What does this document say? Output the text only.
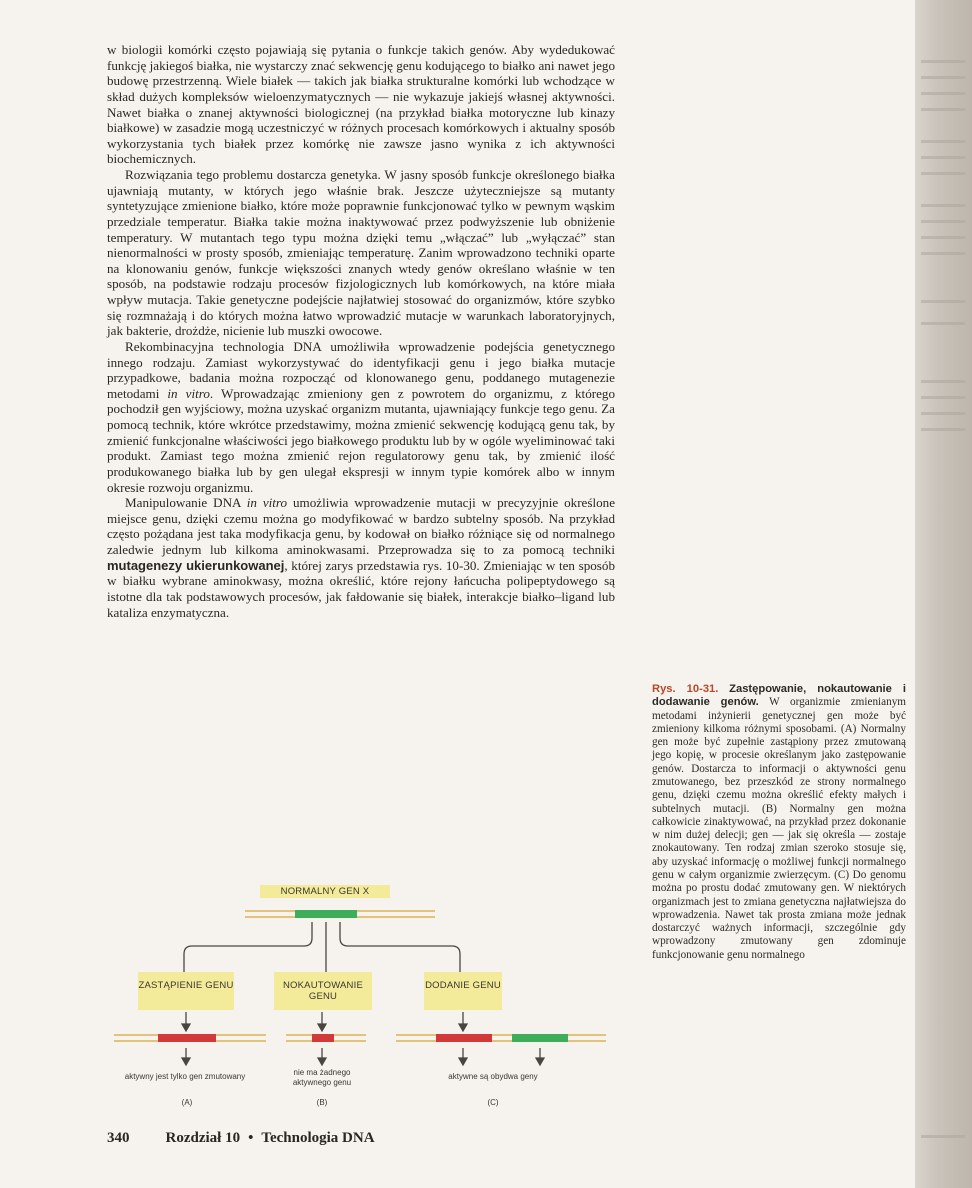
w biologii komórki często pojawiają się pytania o funkcje takich genów. Aby wydedukować funkcję jakiegoś białka, nie wystarczy znać sekwencję genu kodującego to białko ani nawet jego budowę przestrzenną. Wiele białek — takich jak białka strukturalne komórki lub wchodzące w skład dużych kompleksów wieloenzymatycznych — nie wykazuje jakiejś własnej aktywności. Nawet białka o znanej aktywności biologicznej (na przykład białka motoryczne lub kinazy białkowe) w zasadzie mogą uczestniczyć w różnych procesach komórkowych i aktualny sposób wykorzystania tych białek przez komórkę nie zawsze jasno wynika z ich aktywności biochemicznych.

Rozwiązania tego problemu dostarcza genetyka. W jasny sposób funkcje określonego białka ujawniają mutanty, w których jego właśnie brak. Jeszcze użyteczniejsze są mutanty syntetyzujące zmienione białko, które może poprawnie funkcjonować tylko w pewnym wąskim przedziale temperatur. Białka takie można inaktywować przez podwyższenie lub obniżenie temperatury. W mutantach tego typu można dzięki temu „włączać” lub „wyłączać” stan nienormalności w prosty sposób, zmieniając temperaturę. Zanim wprowadzono techniki oparte na klonowaniu genów, funkcje większości znanych wtedy genów określano właśnie w ten sposób, na podstawie rodzaju procesów fizjologicznych lub komórkowych, na które miała wpływ mutacja. Takie genetyczne podejście najłatwiej stosować do organizmów, które szybko się rozmnażają i do których można łatwo wprowadzić mutacje w warunkach laboratoryjnych, jak bakterie, drożdże, nicienie lub muszki owocowe.

Rekombinacyjna technologia DNA umożliwiła wprowadzenie podejścia genetycznego innego rodzaju. Zamiast wykorzystywać do identyfikacji genu i jego białka mutacje przypadkowe, badania można rozpocząć od klonowanego genu, poddanego mutagenezie metodami in vitro. Wprowadzając zmieniony gen z powrotem do organizmu, z którego pochodził gen wyjściowy, można uzyskać organizm mutanta, ujawniający funkcje tego genu. Za pomocą technik, które wkrótce przedstawimy, można zmienić sekwencję kodującą genu tak, by zmienić funkcjonalne właściwości jego białkowego produktu lub by w ogóle wyeliminować taki produkt. Zamiast tego można zmienić rejon regulatorowy genu tak, by zmienić ilość produkowanego białka lub by gen ulegał ekspresji w innym typie komórek albo w innym okresie rozwoju organizmu.

Manipulowanie DNA in vitro umożliwia wprowadzenie mutacji w precyzyjnie określone miejsce genu, dzięki czemu można go modyfikować w bardzo subtelny sposób. Na przykład często pożądana jest taka modyfikacja genu, by kodował on białko różniące się od normalnego zaledwie jednym lub kilkoma aminokwasami. Przeprowadza się to za pomocą techniki mutagenezy ukierunkowanej, której zarys przedstawia rys. 10-30. Zmieniając w ten sposób w białku wybrane aminokwasy, można określić, które rejony łańcucha polipeptydowego są istotne dla tak podstawowych procesów, jak fałdowanie się białek, interakcje białko–ligand lub kataliza enzymatyczna.

NORMALNY GEN X
ZASTĄPIENIE GENU	NOKAUTOWANIE GENU
DODANIE GENU
aktywny jest tylko gen zmutowany	nie ma żadnego aktywnego genu
aktywne są obydwa geny
(A)	(B)	(C)
Rys. 10-31. Zastępowanie, nokautowanie i dodawanie genów. W organizmie zmienianym metodami inżynierii genetycznej gen może być zmieniony kilkoma różnymi sposobami. (A) Normalny gen może być zupełnie zastąpiony przez zmutowaną jego kopię, w procesie określanym jako zastępowanie genów. Dostarcza to informacji o aktywności genu zmutowanego, bez przeszkód ze strony normalnego genu, dzięki czemu można określić efekty małych i subtelnych mutacji. (B) Normalny gen można całkowicie zinaktywować, na przykład przez dokonanie w nim dużej delecji; gen — jak się określa — zostaje znokautowany. Ten rodzaj zmian szeroko stosuje się, aby uzyskać informację o możliwej funkcji normalnego genu w całym organizmie zwierzęcym. (C) Do genomu można po prostu dodać zmutowany gen. W niektórych organizmach jest to zmiana genetyczna najłatwiejsza do wprowadzenia. Nawet tak prosta zmiana może jednak dostarczyć ważnych informacji, szczególnie gdy wprowadzony zmutowany gen zdominuje funkcjonowanie genu normalnego
340 Rozdział 10 • Technologia DNA
